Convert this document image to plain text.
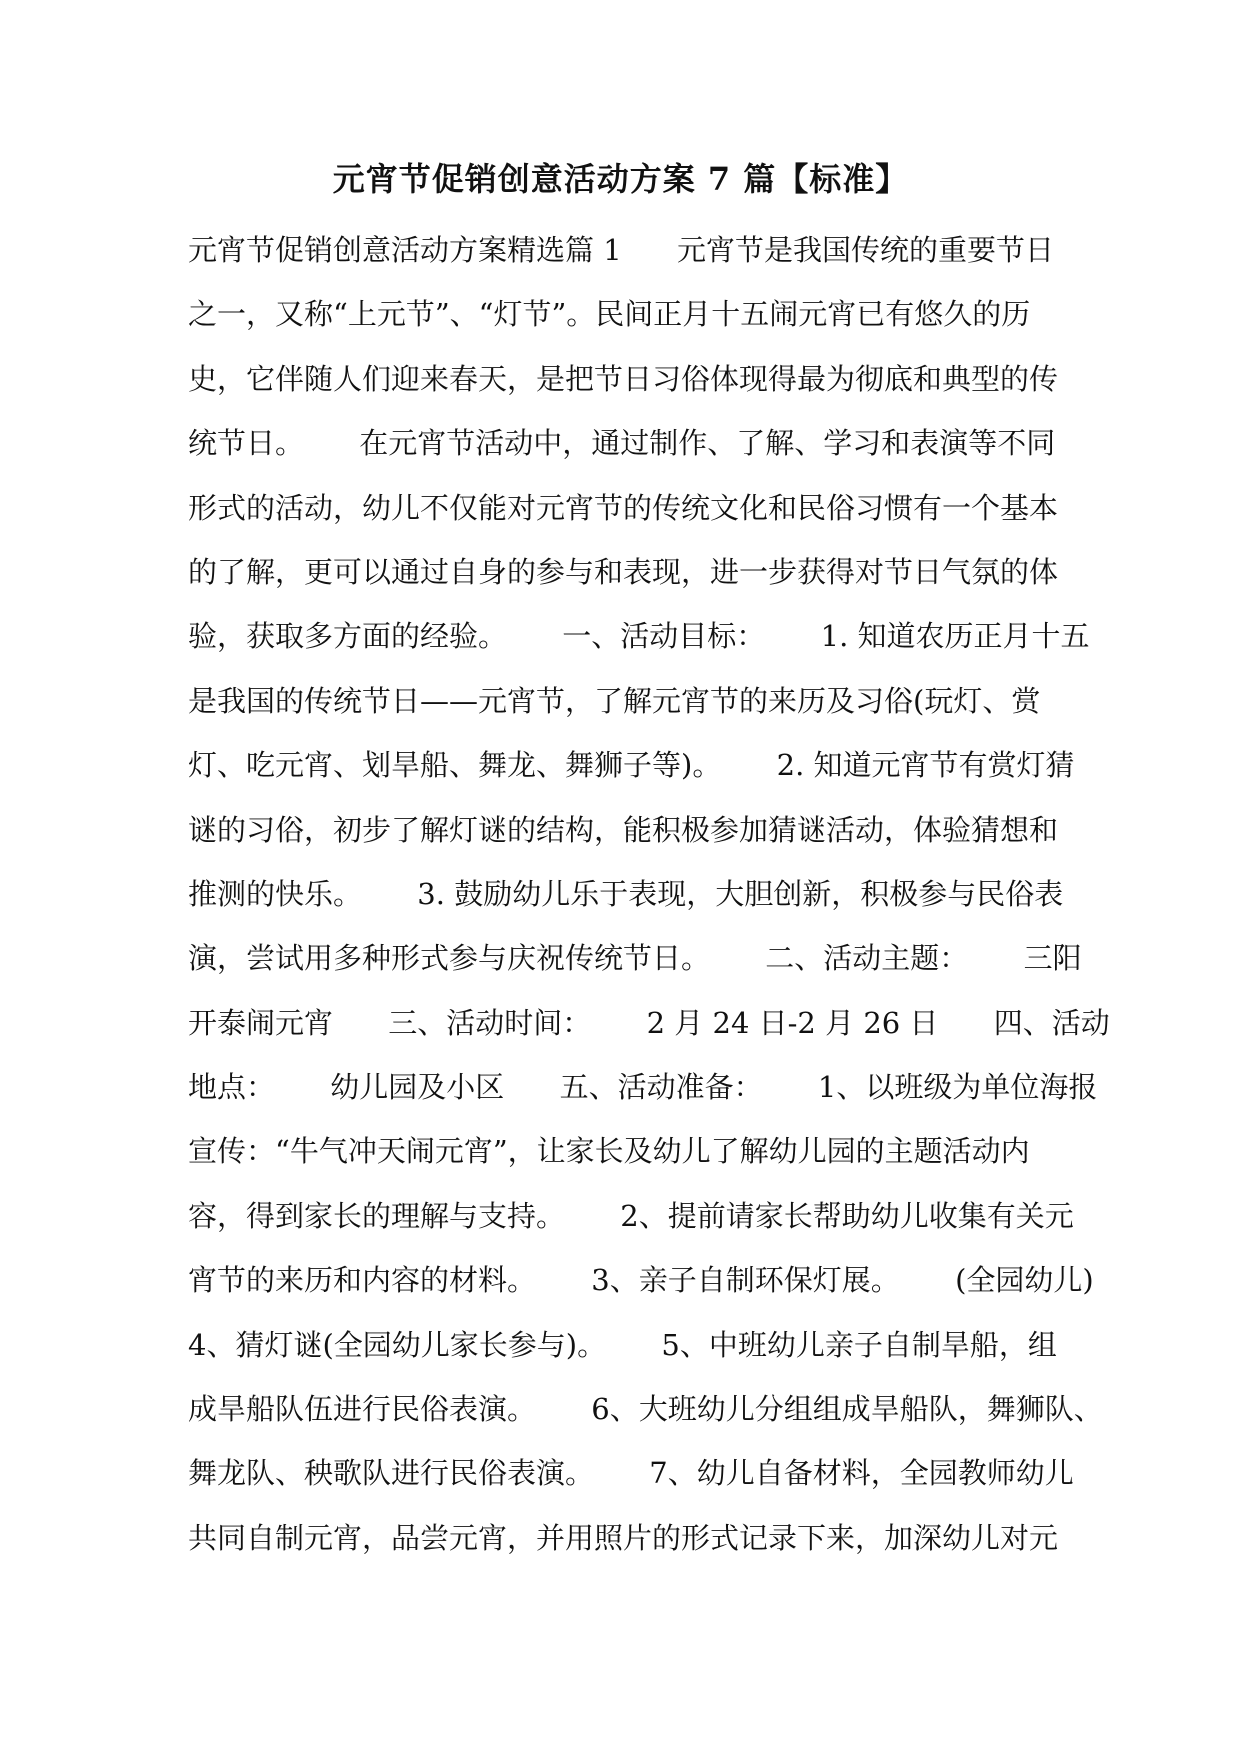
元宵节促销创意活动方案 7 篇【标准】
元宵节促销创意活动方案精选篇 1      元宵节是我国传统的重要节日
之一，又称“上元节”、“灯节”。民间正月十五闹元宵已有悠久的历
史，它伴随人们迎来春天，是把节日习俗体现得最为彻底和典型的传
统节日。      在元宵节活动中，通过制作、了解、学习和表演等不同
形式的活动，幼儿不仅能对元宵节的传统文化和民俗习惯有一个基本
的了解，更可以通过自身的参与和表现，进一步获得对节日气氛的体
验，获取多方面的经验。      一、活动目标：      1. 知道农历正月十五
是我国的传统节日——元宵节，了解元宵节的来历及习俗(玩灯、赏
灯、吃元宵、划旱船、舞龙、舞狮子等)。      2. 知道元宵节有赏灯猜
谜的习俗，初步了解灯谜的结构，能积极参加猜谜活动，体验猜想和
推测的快乐。      3. 鼓励幼儿乐于表现，大胆创新，积极参与民俗表
演，尝试用多种形式参与庆祝传统节日。      二、活动主题：      三阳
开泰闹元宵      三、活动时间：      2 月 24 日-2 月 26 日      四、活动
地点：      幼儿园及小区      五、活动准备：      1、以班级为单位海报
宣传：“牛气冲天闹元宵”，让家长及幼儿了解幼儿园的主题活动内
容，得到家长的理解与支持。      2、提前请家长帮助幼儿收集有关元
宵节的来历和内容的材料。      3、亲子自制环保灯展。      (全园幼儿)
4、猜灯谜(全园幼儿家长参与)。      5、中班幼儿亲子自制旱船，组
成旱船队伍进行民俗表演。      6、大班幼儿分组组成旱船队，舞狮队、
舞龙队、秧歌队进行民俗表演。      7、幼儿自备材料，全园教师幼儿
共同自制元宵，品尝元宵，并用照片的形式记录下来，加深幼儿对元
